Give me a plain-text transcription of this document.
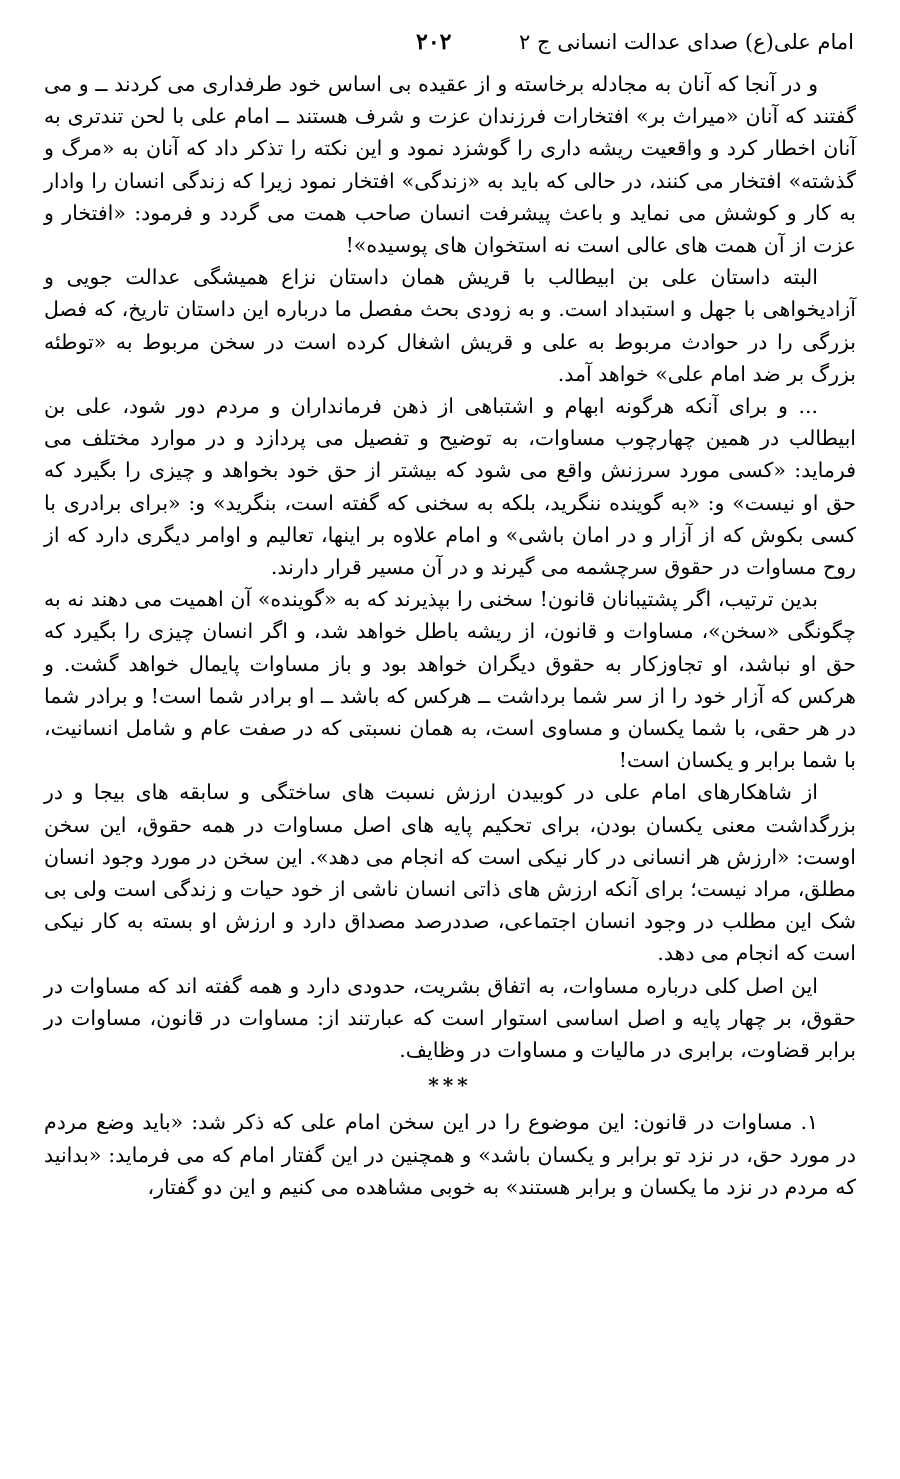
امام علی(ع) صدای عدالت انسانی ج ۲
۲۰۲

و در آنجا که آنان به مجادله برخاسته و از عقیده بی اساس خود طرفداری می کردند ــ و می گفتند که آنان «میراث بر» افتخارات فرزندان عزت و شرف هستند ــ امام علی با لحن تندتری به آنان اخطار کرد و واقعیت ریشه داری را گوشزد نمود و این نکته را تذکر داد که آنان به «مرگ و گذشته» افتخار می کنند، در حالی که باید به «زندگی» افتخار نمود زیرا که زندگی انسان را وادار به کار و کوشش می نماید و باعث پیشرفت انسان صاحب همت می گردد و فرمود: «افتخار و عزت از آن همت های عالی است نه استخوان های پوسیده»!

البته داستان علی بن ابیطالب با قریش همان داستان نزاع همیشگی عدالت جویی و آزادیخواهی با جهل و استبداد است. و به زودی بحث مفصل ما درباره این داستان تاریخ، که فصل بزرگی را در حوادث مربوط به علی و قریش اشغال کرده است در سخن مربوط به «توطئه بزرگ بر ضد امام علی» خواهد آمد.

... و برای آنکه هرگونه ابهام و اشتباهی از ذهن فرمانداران و مردم دور شود، علی بن ابیطالب در همین چهارچوب مساوات، به توضیح و تفصیل می پردازد و در موارد مختلف می فرماید: «کسی مورد سرزنش واقع می شود که بیشتر از حق خود بخواهد و چیزی را بگیرد که حق او نیست» و: «به گوینده ننگرید، بلکه به سخنی که گفته است، بنگرید» و: «برای برادری با کسی بکوش که از آزار و در امان باشی» و امام علاوه بر اینها، تعالیم و اوامر دیگری دارد که از روح مساوات در حقوق سرچشمه می گیرند و در آن مسیر قرار دارند.

بدین ترتیب، اگر پشتیبانان قانون! سخنی را بپذیرند که به «گوینده» آن اهمیت می دهند نه به چگونگی «سخن»، مساوات و قانون، از ریشه باطل خواهد شد، و اگر انسان چیزی را بگیرد که حق او نباشد، او تجاوزکار به حقوق دیگران خواهد بود و باز مساوات پایمال خواهد گشت. و هرکس که آزار خود را از سر شما برداشت ــ هرکس که باشد ــ او برادر شما است! و برادر شما در هر حقی، با شما یکسان و مساوی است، به همان نسبتی که در صفت عام و شامل انسانیت، با شما برابر و یکسان است!

از شاهکارهای امام علی در کوبیدن ارزش نسبت های ساختگی و سابقه های بیجا و در بزرگداشت معنی یکسان بودن، برای تحکیم پایه های اصل مساوات در همه حقوق، این سخن اوست: «ارزش هر انسانی در کار نیکی است که انجام می دهد». این سخن در مورد وجود انسان مطلق، مراد نیست؛ برای آنکه ارزش های ذاتی انسان ناشی از خود حیات و زندگی است ولی بی شک این مطلب در وجود انسان اجتماعی، صددرصد مصداق دارد و ارزش او بسته به کار نیکی است که انجام می دهد.

این اصل کلی درباره مساوات، به اتفاق بشریت، حدودی دارد و همه گفته اند که مساوات در حقوق، بر چهار پایه و اصل اساسی استوار است که عبارتند از: مساوات در قانون، مساوات در برابر قضاوت، برابری در مالیات و مساوات در وظایف.

***

۱. مساوات در قانون: این موضوع را در این سخن امام علی که ذکر شد: «باید وضع مردم در مورد حق، در نزد تو برابر و یکسان باشد» و همچنین در این گفتار امام که می فرماید: «بدانید که مردم در نزد ما یکسان و برابر هستند» به خوبی مشاهده می کنیم و این دو گفتار،
